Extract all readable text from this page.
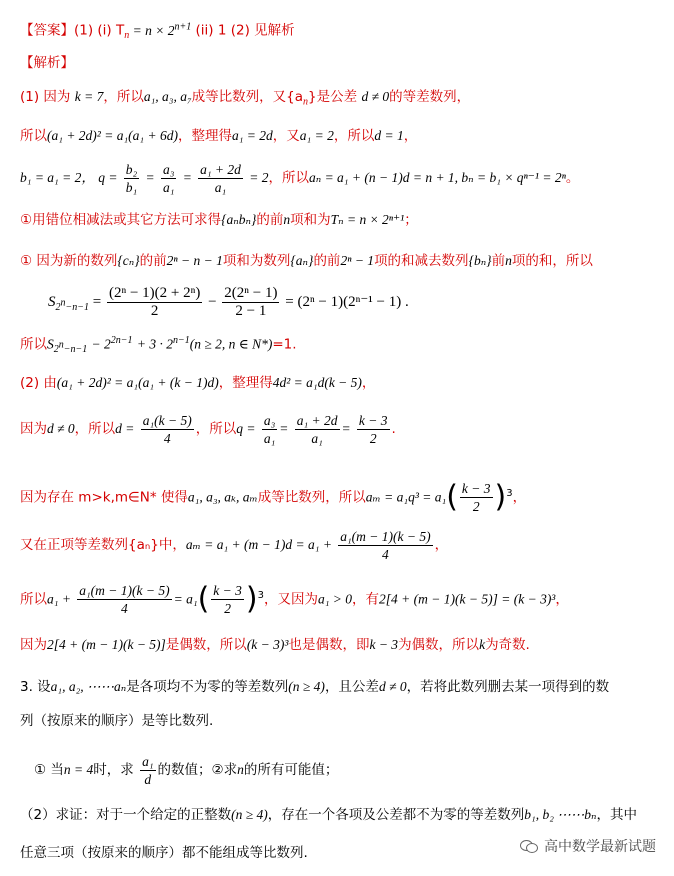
【答案】(1) (i) $T_n = n \times 2^{n+1}$ (ii) 1 (2) 见解析
【解析】
(1) 因为 k = 7，所以a₁, a₃, a₇成等比数列，又$\{a_n\}$是公差 d ≠ 0的等差数列，
所以(a₁ + 2d)² = a₁(a₁ + 6d)，整理得a₁ = 2d，又a₁ = 2，所以d = 1，
b₁ = a₁ = 2， $q = \frac{\text{b₂}}{\text{b₁}} = \frac{\text{a₃}}{\text{a₁}} = \frac{\text{a₁ + 2d}}{\text{a₁}} = 2$，所以aₙ = a₁ + (n − 1)d = n + 1, bₙ = b₁ × qⁿ⁻¹ = 2ⁿ。
①用错位相减法或其它方法可求得{aₙbₙ}的前n项和为Tₙ = n × 2ⁿ⁺¹；
① 因为新的数列{cₙ}的前2ⁿ − n − 1项和为数列{aₙ}的前2ⁿ − 1项的和减去数列{bₙ}前n项的和，所以
$S_{2^n-n-1} = \frac{\text{(2ⁿ − 1)(2 + 2ⁿ)}}{2} - \frac{\text{2(2ⁿ − 1)}}{2 - 1} = (2^n - 1)(2^{n-1} - 1)$ .
所以$S_{2^n-n-1} - 2^{2n-1} + 3 \cdot 2^{n-1}(n \ge 2$, n ∈ N*)=1.
(2) 由(a₁ + 2d)² = a₁(a₁ + (k − 1)d)，整理得4d² = a₁d(k − 5)，
因为d ≠ 0，所以$d = \frac{\text{a₁(k − 5)}}{4}$ ，所以$q = \frac{\text{a₃}}{\text{a₁}} = \frac{\text{a₁ + 2d}}{\text{a₁}} = \frac{k - 3}{2}$ .
因为存在 m>k,m∈N* 使得a₁, a₃, aₖ, aₘ成等比数列，所以$a_m = a_1q^3 = a_1( \frac{k - 3}{2} )^3$，
又在正项等差数列{aₙ}中，$a_m = a_1 + (m - 1)d = a_1 + \frac{\text{a₁(m − 1)(k − 5)}}{4}$ ，
所以$a_1 + \frac{\text{a₁(m − 1)(k − 5)}}{4} = a_1( \frac{k - 3}{2} )^3$，又因为a₁ > 0，有2[4 + (m − 1)(k − 5)] = (k − 3)³，
因为2[4 + (m − 1)(k − 5)]是偶数，所以(k − 3)³也是偶数，即k − 3为偶数，所以k为奇数.
3. 设a₁, a₂, ⋯⋯aₙ是各项均不为零的等差数列(n ≥ 4)，且公差d ≠ 0，若将此数列删去某一项得到的数
列（按原来的顺序）是等比数列.
① 当n = 4时，求 $\frac{\text{a₁}}{d}$ 的数值；②求n的所有可能值；
（2）求证：对于一个给定的正整数(n ≥ 4)，存在一个各项及公差都不为零的等差数列b₁, b₂ ⋯⋯bₙ，其中
任意三项（按原来的顺序）都不能组成等比数列.	高中数学最新试题
